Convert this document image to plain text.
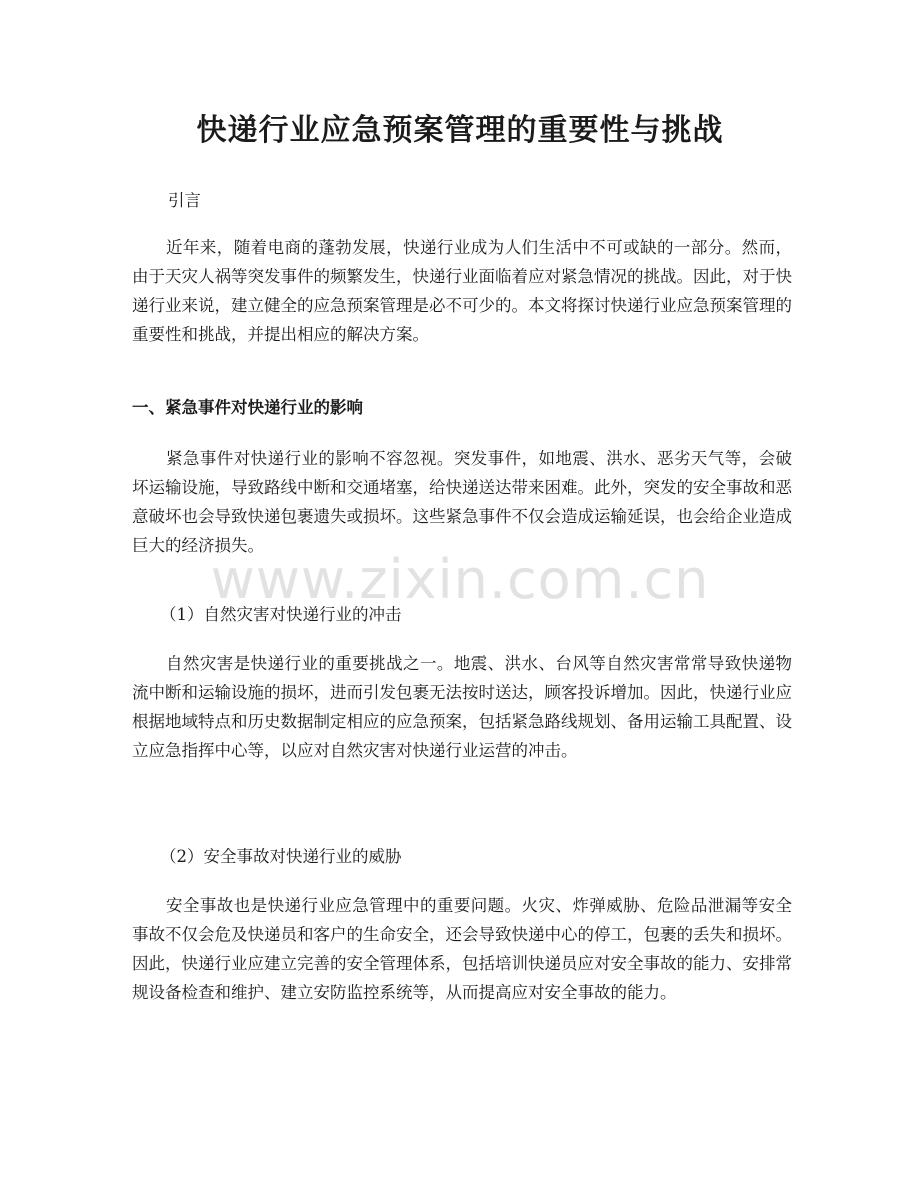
快递行业应急预案管理的重要性与挑战

引言

近年来，随着电商的蓬勃发展，快递行业成为人们生活中不可或缺的一部分。然而，由于天灾人祸等突发事件的频繁发生，快递行业面临着应对紧急情况的挑战。因此，对于快递行业来说，建立健全的应急预案管理是必不可少的。本文将探讨快递行业应急预案管理的重要性和挑战，并提出相应的解决方案。

一、紧急事件对快递行业的影响

紧急事件对快递行业的影响不容忽视。突发事件，如地震、洪水、恶劣天气等，会破坏运输设施，导致路线中断和交通堵塞，给快递送达带来困难。此外，突发的安全事故和恶意破坏也会导致快递包裹遗失或损坏。这些紧急事件不仅会造成运输延误，也会给企业造成巨大的经济损失。

（1）自然灾害对快递行业的冲击

自然灾害是快递行业的重要挑战之一。地震、洪水、台风等自然灾害常常导致快递物流中断和运输设施的损坏，进而引发包裹无法按时送达，顾客投诉增加。因此，快递行业应根据地域特点和历史数据制定相应的应急预案，包括紧急路线规划、备用运输工具配置、设立应急指挥中心等，以应对自然灾害对快递行业运营的冲击。

（2）安全事故对快递行业的威胁

安全事故也是快递行业应急管理中的重要问题。火灾、炸弹威胁、危险品泄漏等安全事故不仅会危及快递员和客户的生命安全，还会导致快递中心的停工，包裹的丢失和损坏。因此，快递行业应建立完善的安全管理体系，包括培训快递员应对安全事故的能力、安排常规设备检查和维护、建立安防监控系统等，从而提高应对安全事故的能力。

www.zixin.com.cn
